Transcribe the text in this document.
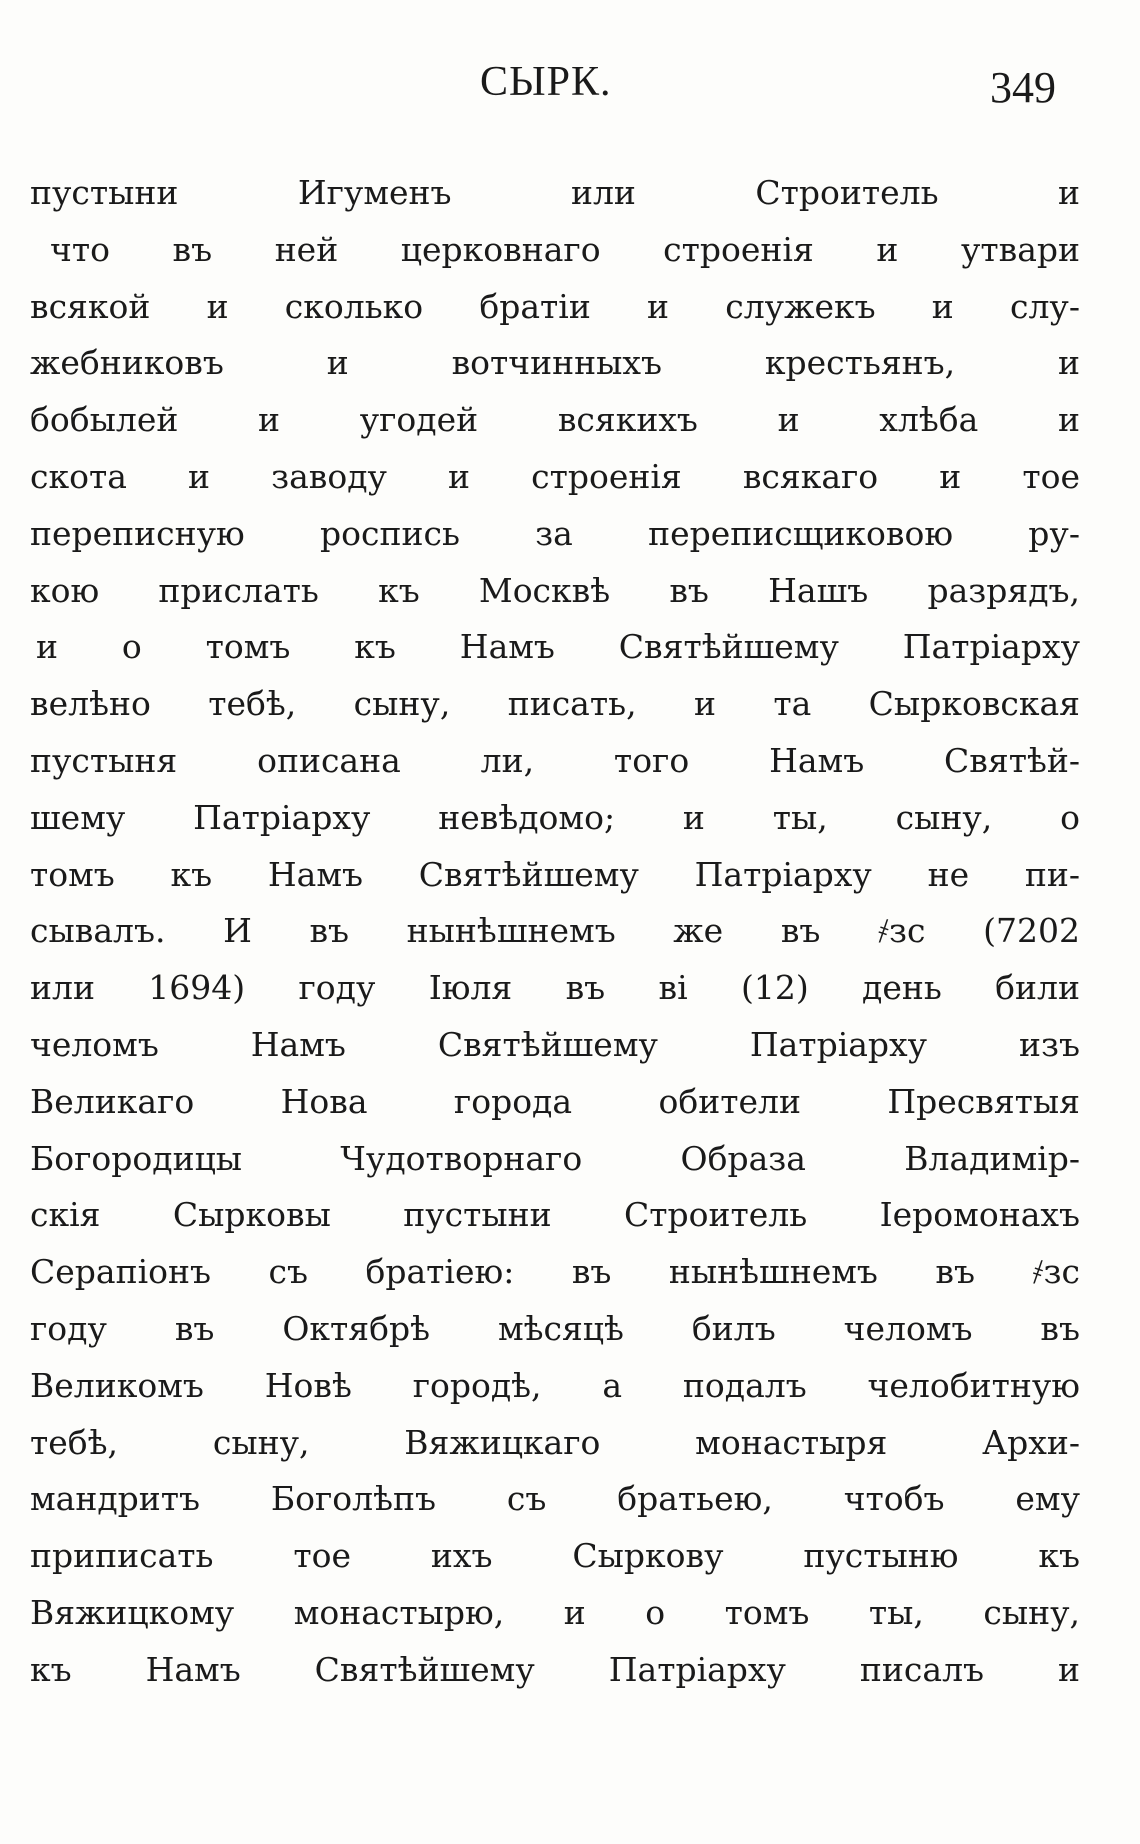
СЫРК.	349
пустыни Игуменъ или Строитель и
что въ ней церковнаго строенія и утвари
всякой и сколько братіи и служекъ и слу-
жебниковъ и вотчинныхъ крестьянъ, и
бобылей и угодей всякихъ и хлѣба и
скота и заводу и строенія всякаго и тое
переписную роспись за переписщиковою ру-
кою прислать къ Москвѣ въ Нашъ разрядъ,
и о томъ къ Намъ Святѣйшему Патріарху
велѣно тебѣ, сыну, писать, и та Сырковская
пустыня описана ли, того Намъ Святѣй-
шему Патріарху невѣдомо; и ты, сыну, о
томъ къ Намъ Святѣйшему Патріарху не пи-
сывалъ. И въ нынѣшнемъ же въ ҂зс (7202
или 1694) году Іюля въ ві (12) день били
челомъ Намъ Святѣйшему Патріарху изъ
Великаго Нова города обители Пресвятыя
Богородицы Чудотворнаго Образа Владимір-
скія Сырковы пустыни Строитель Іеромонахъ
Серапіонъ съ братіею: въ нынѣшнемъ въ ҂зс
году въ Октябрѣ мѣсяцѣ билъ челомъ въ
Великомъ Новѣ городѣ, а подалъ челобитную
тебѣ, сыну, Вяжицкаго монастыря Архи-
мандритъ Боголѣпъ съ братьею, чтобъ ему
приписать тое ихъ Сыркову пустыню къ
Вяжицкому монастырю, и о томъ ты, сыну,
къ Намъ Святѣйшему Патріарху писалъ и
